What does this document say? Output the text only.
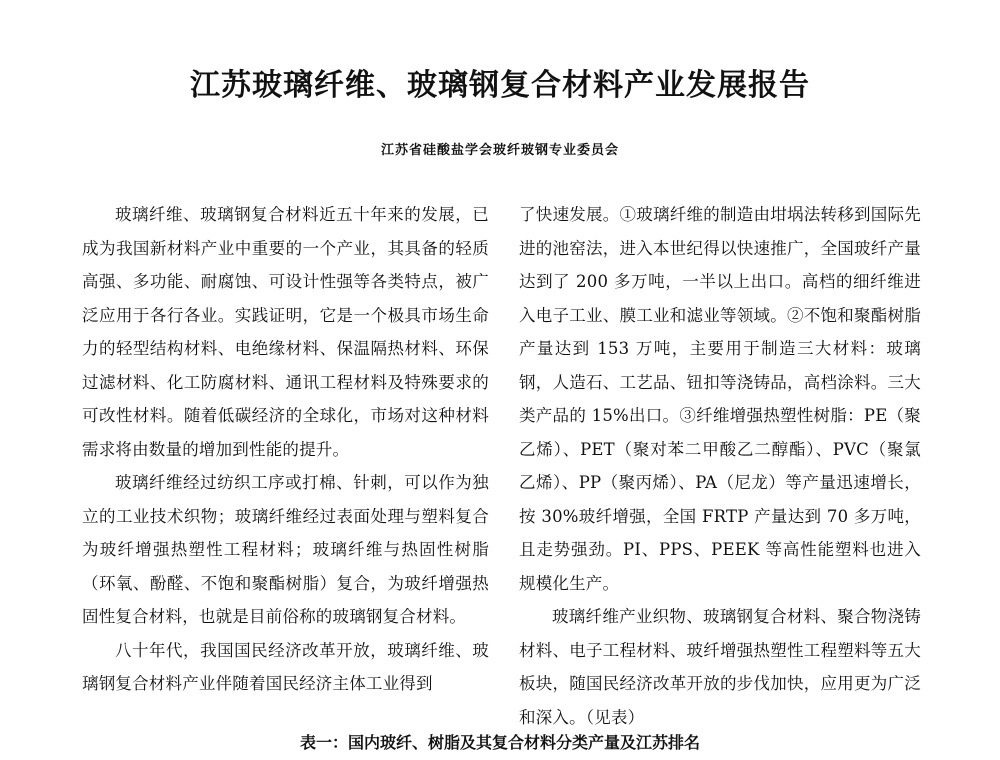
江苏玻璃纤维、玻璃钢复合材料产业发展报告
江苏省硅酸盐学会玻纤玻钢专业委员会

玻璃纤维、玻璃钢复合材料近五十年来的发展，已成为我国新材料产业中重要的一个产业，其具备的轻质高强、多功能、耐腐蚀、可设计性强等各类特点，被广泛应用于各行各业。实践证明，它是一个极具市场生命力的轻型结构材料、电绝缘材料、保温隔热材料、环保过滤材料、化工防腐材料、通讯工程材料及特殊要求的可改性材料。随着低碳经济的全球化，市场对这种材料需求将由数量的增加到性能的提升。

玻璃纤维经过纺织工序或打棉、针刺，可以作为独立的工业技术织物；玻璃纤维经过表面处理与塑料复合为玻纤增强热塑性工程材料；玻璃纤维与热固性树脂（环氧、酚醛、不饱和聚酯树脂）复合，为玻纤增强热固性复合材料，也就是目前俗称的玻璃钢复合材料。

八十年代，我国国民经济改革开放，玻璃纤维、玻璃钢复合材料产业伴随着国民经济主体工业得到

了快速发展。①玻璃纤维的制造由坩埚法转移到国际先进的池窑法，进入本世纪得以快速推广，全国玻纤产量达到了 200 多万吨，一半以上出口。高档的细纤维进入电子工业、膜工业和滤业等领域。②不饱和聚酯树脂产量达到 153 万吨，主要用于制造三大材料：玻璃钢，人造石、工艺品、钮扣等浇铸品，高档涂料。三大类产品的 15%出口。③纤维增强热塑性树脂：PE（聚乙烯）、PET（聚对苯二甲酸乙二醇酯）、PVC（聚氯乙烯）、PP（聚丙烯）、PA（尼龙）等产量迅速增长，按 30%玻纤增强，全国 FRTP 产量达到 70 多万吨，且走势强劲。PI、PPS、PEEK 等高性能塑料也进入规模化生产。

玻璃纤维产业织物、玻璃钢复合材料、聚合物浇铸材料、电子工程材料、玻纤增强热塑性工程塑料等五大板块，随国民经济改革开放的步伐加快，应用更为广泛和深入。（见表）

表一：国内玻纤、树脂及其复合材料分类产量及江苏排名
